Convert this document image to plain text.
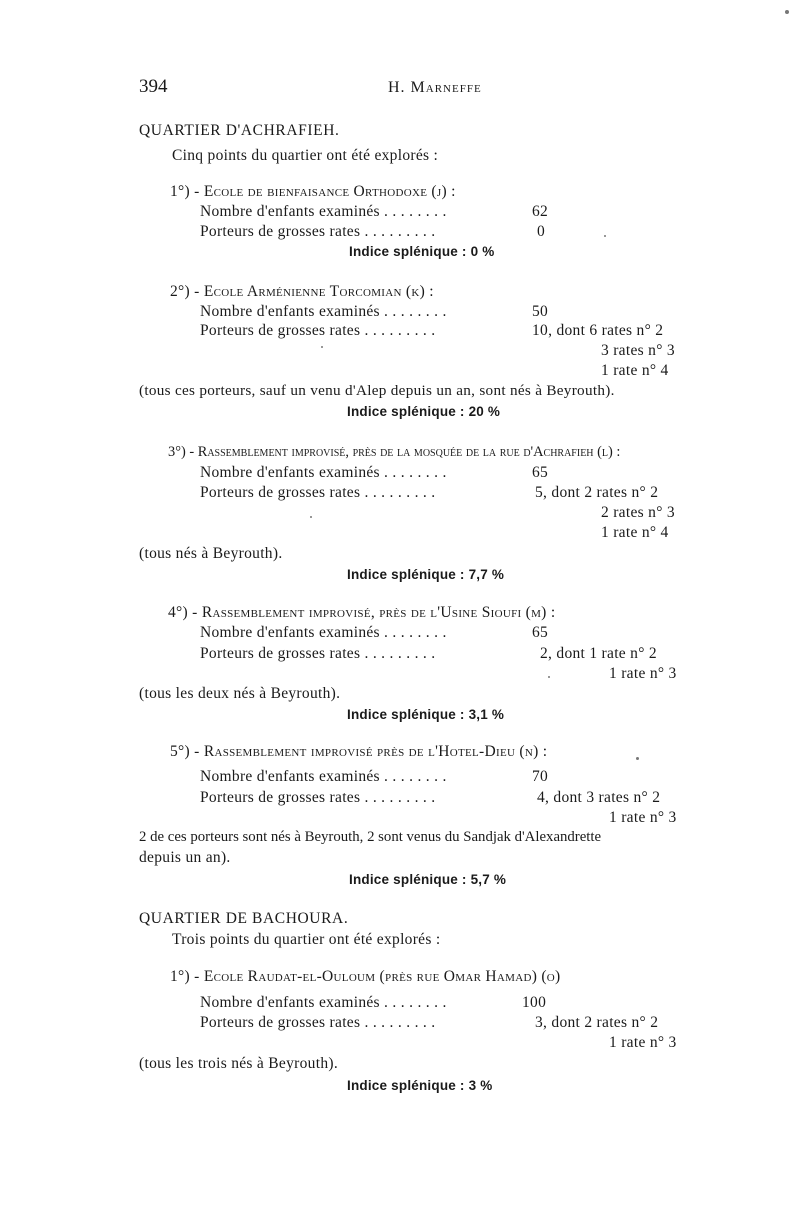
394	H. Marneffe
QUARTIER D'ACHRAFIEH.
Cinq points du quartier ont été explorés :
1°) - Ecole de bienfaisance Orthodoxe (j) :
Nombre d'enfants examinés . . . . . . . .	62
Porteurs de grosses rates . . . . . . . . .	0
Indice splénique : 0 %
2°) - Ecole Arménienne Torcomian (k) :
Nombre d'enfants examinés . . . . . . . .	50
Porteurs de grosses rates . . . . . . . . .	10, dont 6 rates n° 2
3 rates n° 3
1 rate n° 4
(tous ces porteurs, sauf un venu d'Alep depuis un an, sont nés à Beyrouth).
Indice splénique : 20 %
3°) - Rassemblement improvisé, près de la mosquée de la rue d'Achrafieh (l) :
Nombre d'enfants examinés . . . . . . . .	65
Porteurs de grosses rates . . . . . . . . .	5, dont 2 rates n° 2
2 rates n° 3
1 rate n° 4
(tous nés à Beyrouth).
Indice splénique : 7,7 %
4°) - Rassemblement improvisé, près de l'Usine Sioufi (m) :
Nombre d'enfants examinés . . . . . . . .	65
Porteurs de grosses rates . . . . . . . . .	2, dont 1 rate n° 2
1 rate n° 3
(tous les deux nés à Beyrouth).
Indice splénique : 3,1 %
5°) - Rassemblement improvisé près de l'Hotel-Dieu (n) :
Nombre d'enfants examinés . . . . . . . .	70
Porteurs de grosses rates . . . . . . . . .	4, dont 3 rates n° 2
1 rate n° 3
2 de ces porteurs sont nés à Beyrouth, 2 sont venus du Sandjak d'Alexandrette
depuis un an).
Indice splénique : 5,7 %
QUARTIER DE BACHOURA.
Trois points du quartier ont été explorés :
1°) - Ecole Raudat-el-Ouloum (près rue Omar Hamad) (o)
Nombre d'enfants examinés . . . . . . . .	100
Porteurs de grosses rates . . . . . . . . .	3, dont 2 rates n° 2
1 rate n° 3
(tous les trois nés à Beyrouth).
Indice splénique : 3 %
